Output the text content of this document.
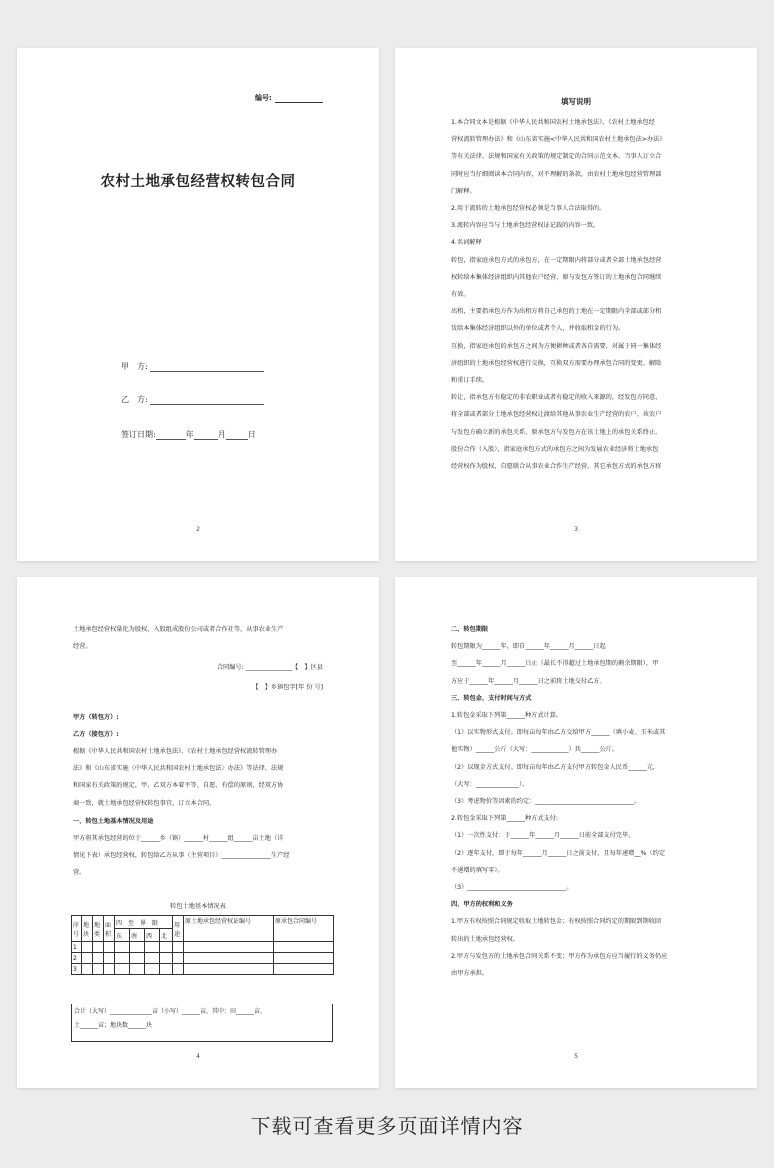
编号:
农村土地承包经营权转包合同
甲　方:
乙　方:
签订日期:	年	月	日
2
填写说明

1.本合同文本是根据《中华人民共和国农村土地承包法》、《农村土地承包经

营权流转管理办法》和《山东省实施<中华人民共和国农村土地承包法>办法》

等有关法律、法规和国家有关政策的规定制定的合同示范文本。当事人订立合

同时应当仔细阅读本合同内容，对不理解的条款，由农村土地承包经营管理部

门解释。

2.用于流转的土地承包经营权必须是当事人合法取得的。

3.流转内容应当与土地承包经营权证记载的内容一致。

4.名词解释

转包，指家庭承包方式的承包方，在一定期限内将部分或者全部土地承包经营

权转给本集体经济组织内其他农户经营，原与发包方签订的土地承包合同继续

有效。

出租，主要指承包方作为出租方将自己承包的土地在一定期限内全部或部分租

赁给本集体经济组织以外的单位或者个人，并收取租金的行为。

互换，指家庭承包的承包方之间为方便耕种或者各自需要，对属于同一集体经

济组织的土地承包经营权进行交换，互换双方需要办理承包合同的变更、解除

和重订手续。

转让，指承包方有稳定的非农职业或者有稳定的收入来源的，经发包方同意，

将全部或者部分土地承包经营权让渡给其他从事农业生产经营的农户。该农户

与发包方确立新的承包关系，原承包方与发包方在该土地上的承包关系终止。

股份合作（入股），指家庭承包方式的承包方之间为发展农业经济将土地承包

经营权作为股权，自愿联合从事农业合作生产经营。其它承包方式的承包方将

3

土地承包经营权量化为股权，入股组成股份公司或者合作社等，从事农业生产

经营。

合同编号: _______________【　】区县
【　】乡镇包字[年 份 号]
甲方（转包方）:
乙方（接包方）:

根据《中华人民共和国农村土地承包法》、《农村土地承包经营权流转管理办

法》和《山东省实施〈中华人民共和国农村土地承包法〉办法》等法律、法规

和国家有关政策的规定，甲、乙双方本着平等、自愿、有偿的原则，经双方协

商一致，就土地承包经营权转包事宜，订立本合同。

一、转包土地基本情况及用途

甲方将其承包经营的位于______乡（镇）______村______组______亩土地（详

情见下表）承包经营权，转包给乙方从事（主营项目）________________生产经

营。

转包土地基本情况表
序号	地块	地类	面积	四　至　界　限				用途	原土地承包经营权证编号	原承包合同编号
				东	南	西	北			
1										
2										
3										
合计（大写）______________亩（小写）______亩，其中：田______亩，
土______亩；地块数______块
4

二、转包期限

转包期限为______年，即自______年______月______日起

至______年______月______日止（最长不得超过土地承包期的剩余期限），甲

方应于______年______月______日之前将土地交付乙方。

三、转包金、支付时间与方式

1.转包金采取下列第______种方式计算。

（1）以实物形式支付。即每亩每年由乙方交给甲方______（填小麦、玉米或其

他实物）______公斤（大写：____________）共______公斤。

（2）以现金方式支付。即每亩每年由乙方支付甲方转包金人民币______元，

（大写：______________）。

（3）考虑物价等因素的约定：________________________________。

2.转包金采取下列第______种方式支付:

（1）一次性支付：于______年______月______日前全部支付完毕。

（2）逐年支付，即于每年______月______日之前支付，且每年递增__%（约定

不递增的填写零）。

（3）________________________________。

四、甲方的权利和义务

1.甲方有权按照合同规定收取土地转包金；有权按照合同约定的期限到期收回

转出的土地承包经营权。

2.甲方与发包方的土地承包合同关系不变；甲方作为承包方应当履行的义务仍应

由甲方承担。

5
下载可查看更多页面详情内容
